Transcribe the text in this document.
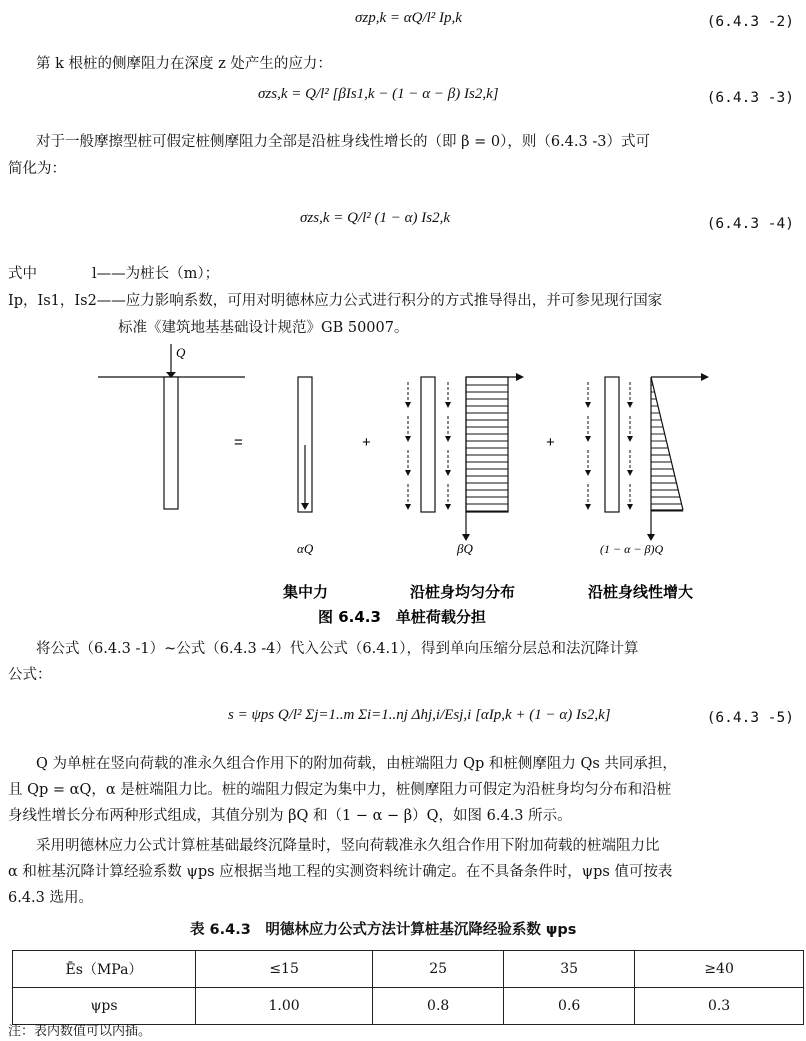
σzp,k = αQ/l² Ip,k	(6.4.3 -2)
第 k 根桩的侧摩阻力在深度 z 处产生的应力：
σzs,k = Q/l² [βIs1,k − (1 − α − β) Is2,k]	(6.4.3 -3)
对于一般摩擦型桩可假定桩侧摩阻力全部是沿桩身线性增长的（即 β = 0），则（6.4.3 -3）式可
简化为：
σzs,k = Q/l² (1 − α) Is2,k	(6.4.3 -4)
式中	l——为桩长（m）；
Ip，Is1，Is2——应力影响系数，可用对明德林应力公式进行积分的方式推导得出，并可参见现行国家
标准《建筑地基基础设计规范》GB 50007。
Q
=	+	+
αQ	βQ	(1 − α − β)Q
集中力	沿桩身均匀分布	沿桩身线性增大
图 6.4.3　单桩荷载分担
将公式（6.4.3 -1）~公式（6.4.3 -4）代入公式（6.4.1），得到单向压缩分层总和法沉降计算
公式：
s = ψps Q/l² Σj=1..m Σi=1..nj Δhj,i/Esj,i [αIp,k + (1 − α) Is2,k]	(6.4.3 -5)
Q 为单桩在竖向荷载的准永久组合作用下的附加荷载，由桩端阻力 Qp 和桩侧摩阻力 Qs 共同承担，
且 Qp = αQ，α 是桩端阻力比。桩的端阻力假定为集中力，桩侧摩阻力可假定为沿桩身均匀分布和沿桩
身线性增长分布两种形式组成，其值分别为 βQ 和（1 − α − β）Q，如图 6.4.3 所示。
采用明德林应力公式计算桩基础最终沉降量时，竖向荷载准永久组合作用下附加荷载的桩端阻力比
α 和桩基沉降计算经验系数 ψps 应根据当地工程的实测资料统计确定。在不具备条件时，ψps 值可按表
6.4.3 选用。
表 6.4.3　明德林应力公式方法计算桩基沉降经验系数 ψps
Ēs（MPa）	≤15	25	35	≥40
ψps	1.00	0.8	0.6	0.3
注：表内数值可以内插。
